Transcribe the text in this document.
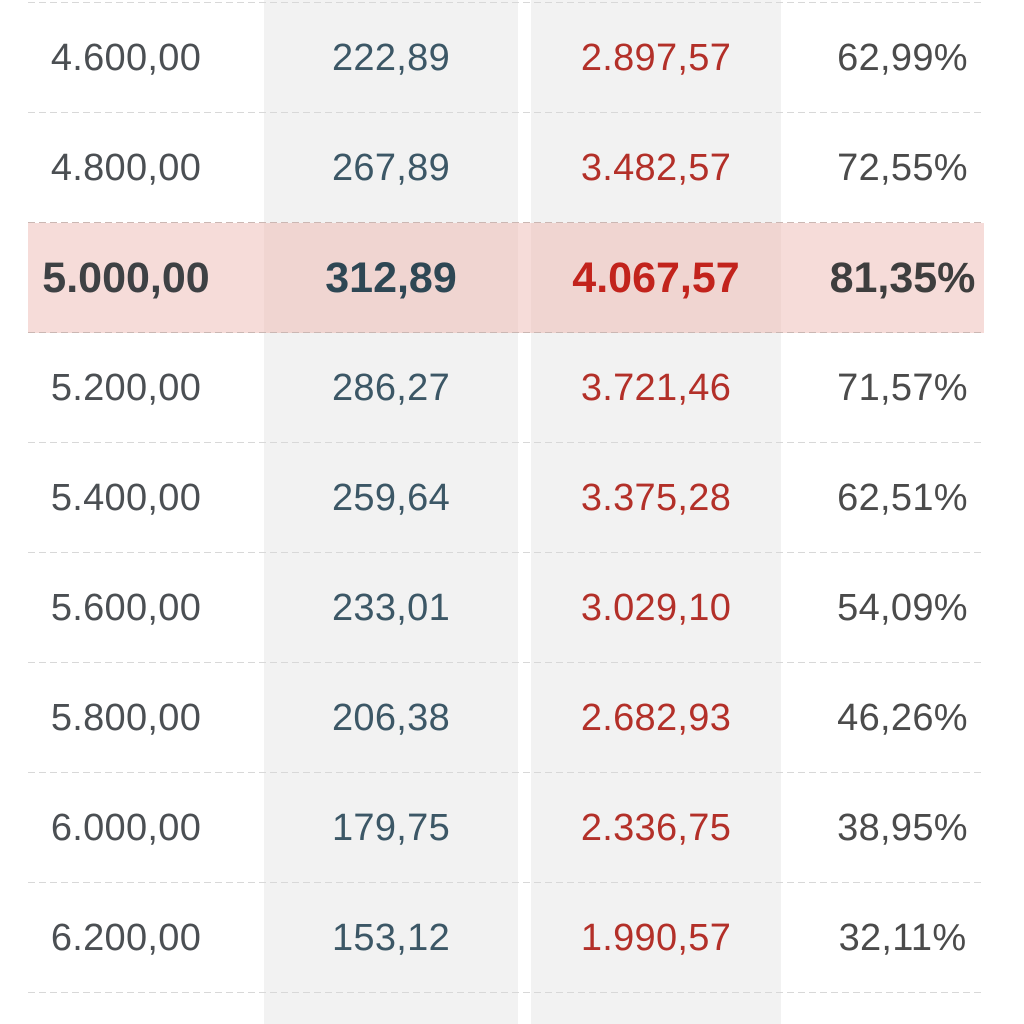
4.600,00	222,89	2.897,57	62,99%
4.800,00	267,89	3.482,57	72,55%
5.000,00	312,89	4.067,57	81,35%
5.200,00	286,27	3.721,46	71,57%
5.400,00	259,64	3.375,28	62,51%
5.600,00	233,01	3.029,10	54,09%
5.800,00	206,38	2.682,93	46,26%
6.000,00	179,75	2.336,75	38,95%
6.200,00	153,12	1.990,57	32,11%
